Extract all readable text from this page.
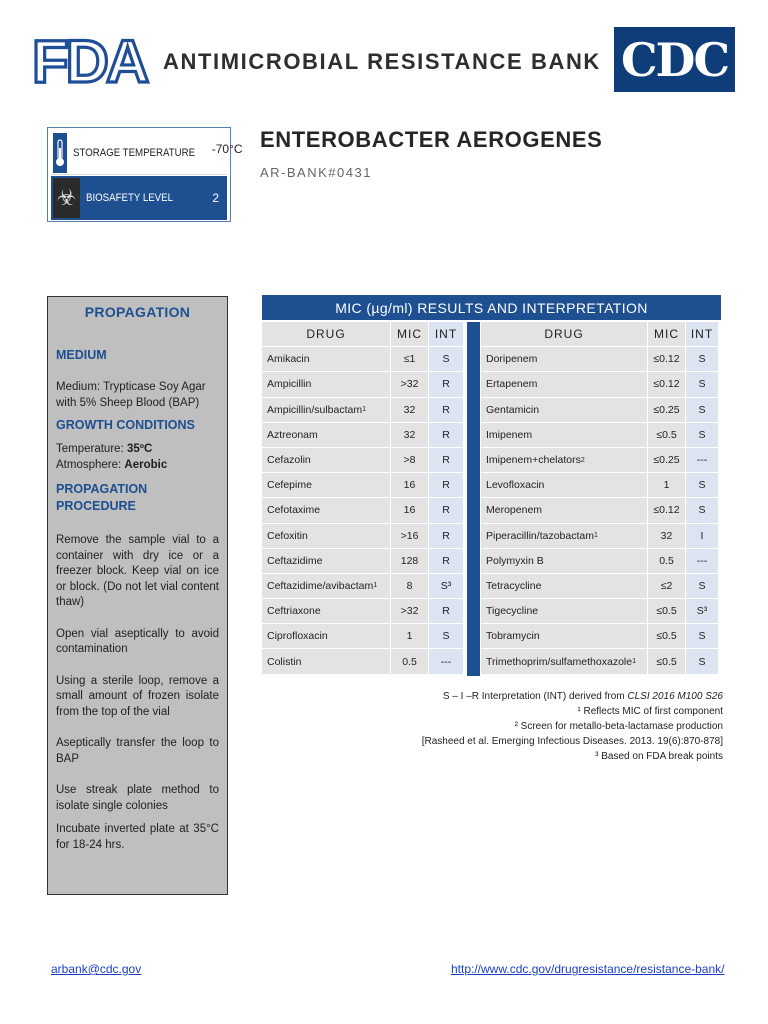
FDA ANTIMICROBIAL RESISTANCE BANK CDC
STORAGE TEMPERATURE -70°C
☣ BIOSAFETY LEVEL	2
ENTEROBACTER AEROGENES
AR-BANK#0431
PROPAGATION
MEDIUM

Medium: Trypticase Soy Agar with 5% Sheep Blood (BAP)

GROWTH CONDITIONS

Temperature: 35ºC
Atmosphere: Aerobic

PROPAGATION PROCEDURE

Remove the sample vial to a container with dry ice or a freezer block. Keep vial on ice or block. (Do not let vial content thaw)

Open vial aseptically to avoid contamination

Using a sterile loop, remove a small amount of frozen isolate from the top of the vial

Aseptically transfer the loop to BAP

Use streak plate method to isolate single colonies

Incubate inverted plate at 35°C for 18-24 hrs.

MIC (µg/ml) RESULTS AND INTERPRETATION
DRUG	MIC	INT
Amikacin	≤1	S
Ampicillin	>32	R
Ampicillin/sulbactam 1	32	R
Aztreonam	32	R
Cefazolin	>8	R
Cefepime	16	R
Cefotaxime	16	R
Cefoxitin	>16	R
Ceftazidime	128	R
Ceftazidime/avibactam 1	8	S³
Ceftriaxone	>32	R
Ciprofloxacin	1	S
Colistin	0.5	---
DRUG	MIC INT
Doripenem	≤0.12	S
Ertapenem	≤0.12	S
Gentamicin	≤0.25	S
Imipenem	≤0.5	S
Imipenem+chelators 2	≤0.25	---
Levofloxacin	1	S
Meropenem	≤0.12	S
Piperacillin/tazobactam 1	32	I
Polymyxin B	0.5	---
Tetracycline	≤2	S
Tigecycline	≤0.5	S³
Tobramycin	≤0.5	S
Trimethoprim/sulfamethoxazole 1	≤0.5	S
S – I –R Interpretation (INT) derived from CLSI 2016 M100 S26
¹ Reflects MIC of first component
² Screen for metallo-beta-lactamase production
[Rasheed et al. Emerging Infectious Diseases. 2013. 19(6):870-878]
³ Based on FDA break points
arbank@cdc.gov	http://www.cdc.gov/drugresistance/resistance-bank/
